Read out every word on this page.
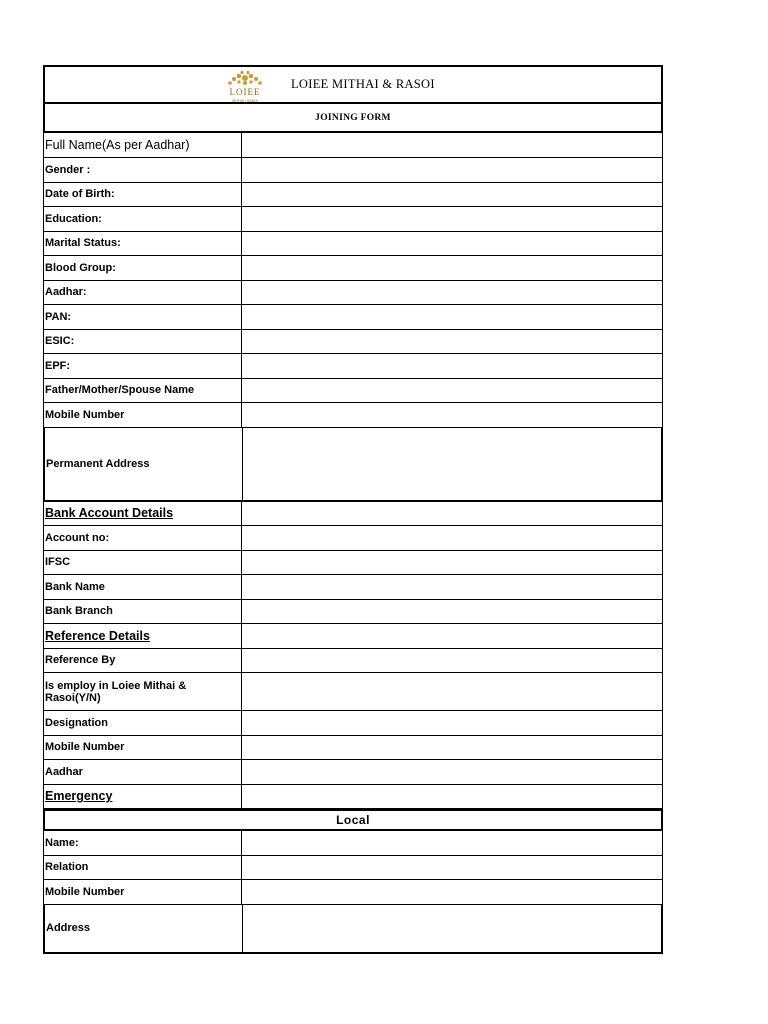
LOIEE
MITHAI | RASOI
LOIEE MITHAI & RASOI
JOINING FORM
Full Name(As per Aadhar)
Gender :
Date of Birth:
Education:
Marital Status:
Blood Group:
Aadhar:
PAN:
ESIC:
EPF:
Father/Mother/Spouse Name
Mobile Number
Permanent Address
Bank Account Details
Account no:
IFSC
Bank Name
Bank Branch
Reference Details
Reference By
Is employ in Loiee Mithai & Rasoi(Y/N)
Designation
Mobile Number
Aadhar
Emergency
Local
Name:
Relation
Mobile Number
Address
